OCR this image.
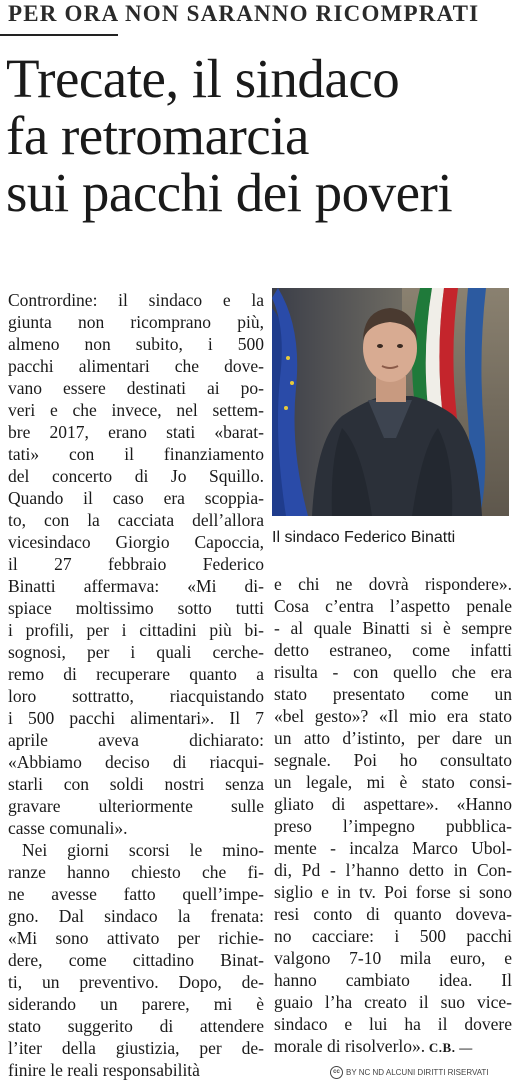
PER ORA NON SARANNO RICOMPRATI
Trecate, il sindaco
fa retromarcia
sui pacchi dei poveri
Contrordine: il sindaco e la
giunta non ricomprano più,
almeno non subito, i 500
pacchi alimentari che dove-
vano essere destinati ai po-
veri e che invece, nel settem-
bre 2017, erano stati «barat-
tati» con il finanziamento
del concerto di Jo Squillo.
Quando il caso era scoppia-
to, con la cacciata dell’allora
vicesindaco Giorgio Capoccia,
il 27 febbraio Federico
Binatti affermava: «Mi di-
spiace moltissimo sotto tutti
i profili, per i cittadini più bi-
sognosi, per i quali cerche-
remo di recuperare quanto a
loro sottratto, riacquistando
i 500 pacchi alimentari». Il 7
aprile aveva dichiarato:
«Abbiamo deciso di riacqui-
starli con soldi nostri senza
gravare ulteriormente sulle
casse comunali».
Nei giorni scorsi le mino-
ranze hanno chiesto che fi-
ne avesse fatto quell’impe-
gno. Dal sindaco la frenata:
«Mi sono attivato per richie-
dere, come cittadino Binat-
ti, un preventivo. Dopo, de-
siderando un parere, mi è
stato suggerito di attendere
l’iter della giustizia, per de-
finire le reali responsabilità
Il sindaco Federico Binatti
e chi ne dovrà rispondere».
Cosa c’entra l’aspetto penale
- al quale Binatti si è sempre
detto estraneo, come infatti
risulta - con quello che era
stato presentato come un
«bel gesto»? «Il mio era stato
un atto d’istinto, per dare un
segnale. Poi ho consultato
un legale, mi è stato consi-
gliato di aspettare». «Hanno
preso l’impegno pubblica-
mente - incalza Marco Ubol-
di, Pd - l’hanno detto in Con-
siglio e in tv. Poi forse si sono
resi conto di quanto doveva-
no cacciare: i 500 pacchi
valgono 7-10 mila euro, e
hanno cambiato idea. Il
guaio l’ha creato il suo vice-
sindaco e lui ha il dovere
morale di risolverlo». C.B. —
cc BY NC ND ALCUNI DIRITTI RISERVATI
